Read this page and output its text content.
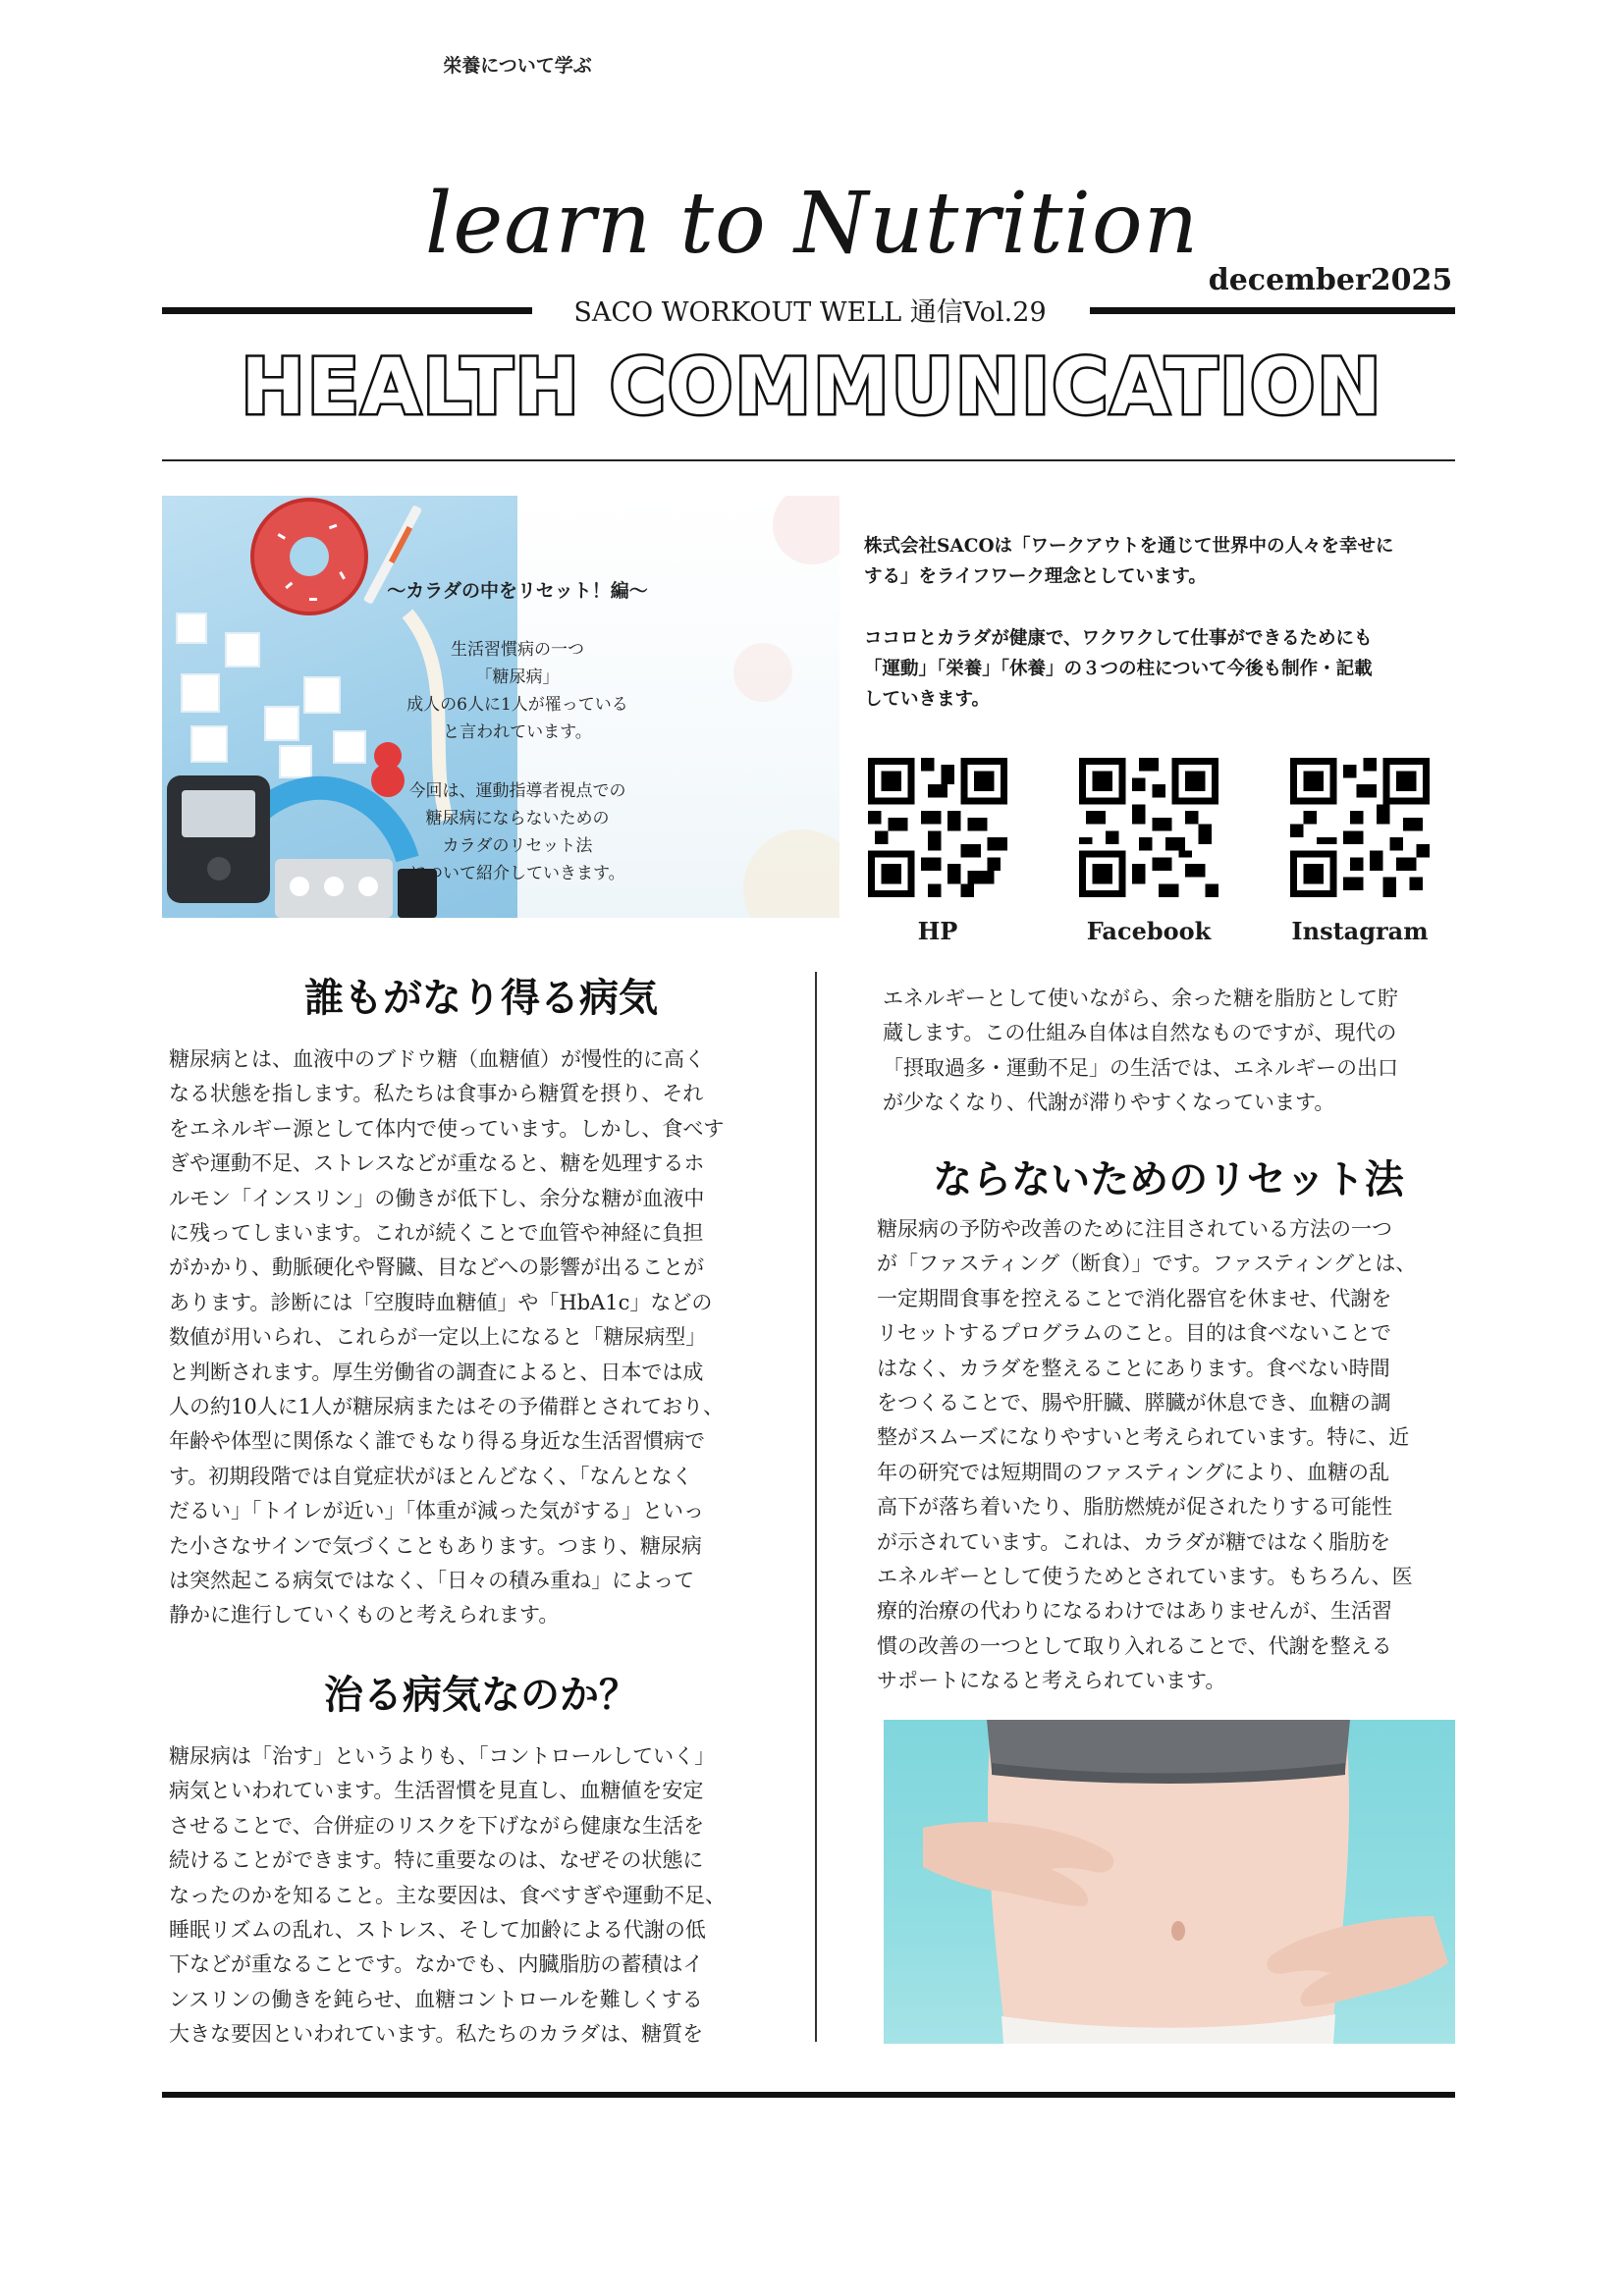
learn to Nutrition
SACO WORKOUT WELL 通信Vol.29
december2025
HEALTH COMMUNICATION
栄養について学ぶ
〜カラダの中をリセット！編〜
生活習慣病の一つ
「糖尿病」
成人の6人に1人が罹っている
と言われています。
今回は、運動指導者視点での
糖尿病にならないための
カラダのリセット法
について紹介していきます。
株式会社SACOは「ワークアウトを通じて世界中の人々を幸せに
する」をライフワーク理念としています。
ココロとカラダが健康で、ワクワクして仕事ができるためにも
「運動」「栄養」「休養」の３つの柱について今後も制作・記載
していきます。
HP	Facebook	Instagram
誰もがなり得る病気
糖尿病とは、血液中のブドウ糖（血糖値）が慢性的に高く
なる状態を指します。私たちは食事から糖質を摂り、それ
をエネルギー源として体内で使っています。しかし、食べす
ぎや運動不足、ストレスなどが重なると、糖を処理するホ
ルモン「インスリン」の働きが低下し、余分な糖が血液中
に残ってしまいます。これが続くことで血管や神経に負担
がかかり、動脈硬化や腎臓、目などへの影響が出ることが
あります。診断には「空腹時血糖値」や「HbA1c」などの
数値が用いられ、これらが一定以上になると「糖尿病型」
と判断されます。厚生労働省の調査によると、日本では成
人の約10人に1人が糖尿病またはその予備群とされており、
年齢や体型に関係なく誰でもなり得る身近な生活習慣病で
す。初期段階では自覚症状がほとんどなく、「なんとなく
だるい」「トイレが近い」「体重が減った気がする」といっ
た小さなサインで気づくこともあります。つまり、糖尿病
は突然起こる病気ではなく、「日々の積み重ね」によって
静かに進行していくものと考えられます。
治る病気なのか？
糖尿病は「治す」というよりも、「コントロールしていく」
病気といわれています。生活習慣を見直し、血糖値を安定
させることで、合併症のリスクを下げながら健康な生活を
続けることができます。特に重要なのは、なぜその状態に
なったのかを知ること。主な要因は、食べすぎや運動不足、
睡眠リズムの乱れ、ストレス、そして加齢による代謝の低
下などが重なることです。なかでも、内臓脂肪の蓄積はイ
ンスリンの働きを鈍らせ、血糖コントロールを難しくする
大きな要因といわれています。私たちのカラダは、糖質を
エネルギーとして使いながら、余った糖を脂肪として貯
蔵します。この仕組み自体は自然なものですが、現代の
「摂取過多・運動不足」の生活では、エネルギーの出口
が少なくなり、代謝が滞りやすくなっています。
ならないためのリセット法
糖尿病の予防や改善のために注目されている方法の一つ
が「ファスティング（断食）」です。ファスティングとは、
一定期間食事を控えることで消化器官を休ませ、代謝を
リセットするプログラムのこと。目的は食べないことで
はなく、カラダを整えることにあります。食べない時間
をつくることで、腸や肝臓、膵臓が休息でき、血糖の調
整がスムーズになりやすいと考えられています。特に、近
年の研究では短期間のファスティングにより、血糖の乱
高下が落ち着いたり、脂肪燃焼が促されたりする可能性
が示されています。これは、カラダが糖ではなく脂肪を
エネルギーとして使うためとされています。もちろん、医
療的治療の代わりになるわけではありませんが、生活習
慣の改善の一つとして取り入れることで、代謝を整える
サポートになると考えられています。
